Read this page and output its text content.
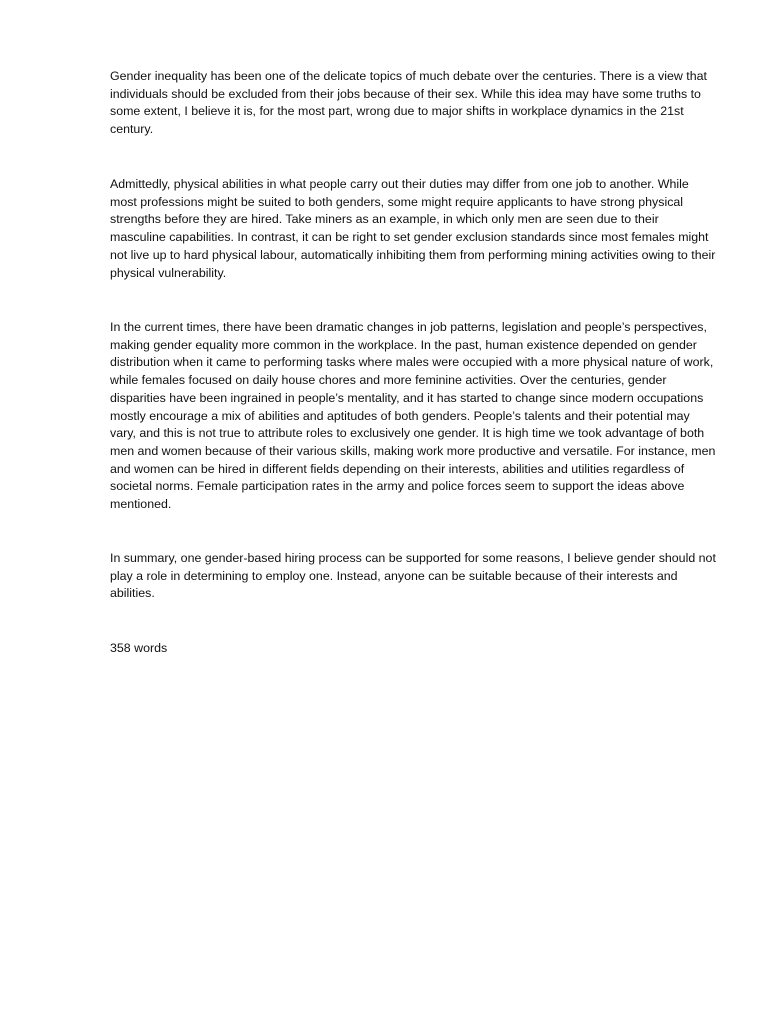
Gender inequality has been one of the delicate topics of much debate over the centuries. There is a view that individuals should be excluded from their jobs because of their sex. While this idea may have some truths to some extent, I believe it is, for the most part, wrong due to major shifts in workplace dynamics in the 21st century.

Admittedly, physical abilities in what people carry out their duties may differ from one job to another. While most professions might be suited to both genders, some might require applicants to have strong physical strengths before they are hired. Take miners as an example, in which only men are seen due to their masculine capabilities. In contrast, it can be right to set gender exclusion standards since most females might not live up to hard physical labour, automatically inhibiting them from performing mining activities owing to their physical vulnerability.

In the current times, there have been dramatic changes in job patterns, legislation and people’s perspectives, making gender equality more common in the workplace. In the past, human existence depended on gender distribution when it came to performing tasks where males were occupied with a more physical nature of work, while females focused on daily house chores and more feminine activities. Over the centuries, gender disparities have been ingrained in people’s mentality, and it has started to change since modern occupations mostly encourage a mix of abilities and aptitudes of both genders. People’s talents and their potential may vary, and this is not true to attribute roles to exclusively one gender. It is high time we took advantage of both men and women because of their various skills, making work more productive and versatile. For instance, men and women can be hired in different fields depending on their interests, abilities and utilities regardless of societal norms. Female participation rates in the army and police forces seem to support the ideas above mentioned.

In summary, one gender-based hiring process can be supported for some reasons, I believe gender should not play a role in determining to employ one. Instead, anyone can be suitable because of their interests and abilities.

358 words
